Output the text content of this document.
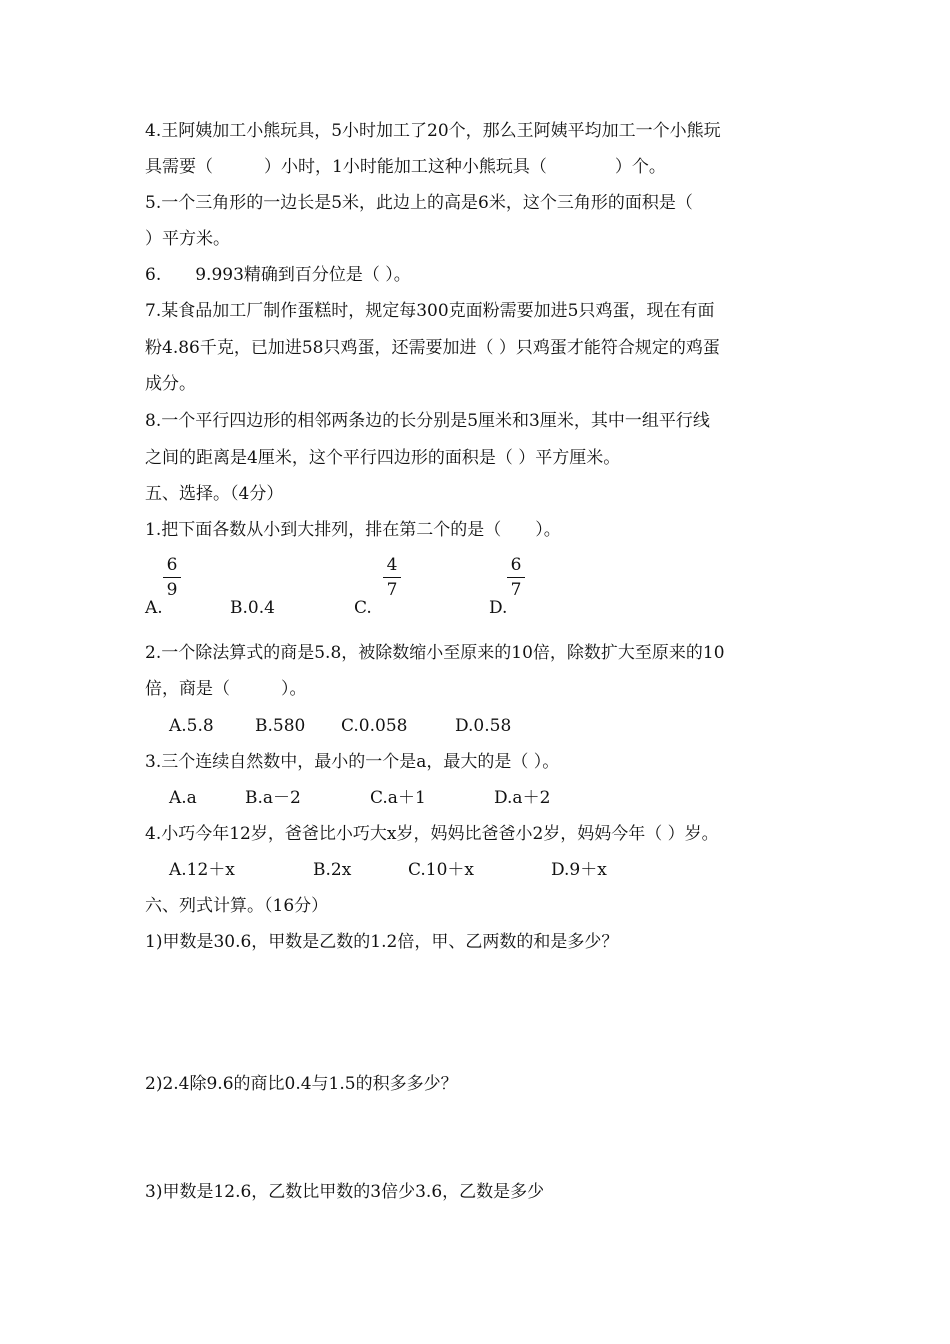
4.王阿姨加工小熊玩具，5小时加工了20个，那么王阿姨平均加工一个小熊玩
具需要（　　　）小时，1小时能加工这种小熊玩具（　　　　）个。
5.一个三角形的一边长是5米，此边上的高是6米，这个三角形的面积是（
）平方米。
6.　　9.993精确到百分位是（ ）。
7.某食品加工厂制作蛋糕时，规定每300克面粉需要加进5只鸡蛋，现在有面
粉4.86千克，已加进58只鸡蛋，还需要加进（ ）只鸡蛋才能符合规定的鸡蛋
成分。
8.一个平行四边形的相邻两条边的长分别是5厘米和3厘米，其中一组平行线
之间的距离是4厘米，这个平行四边形的面积是（ ）平方厘米。
五、选择。（4分）
1.把下面各数从小到大排列，排在第二个的是（　　）。
6
9
4
7
6
7
A.	B.0.4	C.	D.
2.一个除法算式的商是5.8，被除数缩小至原来的10倍，除数扩大至原来的10
倍，商是（　　　）。
A.5.8 B.580 C.0.058	D.0.58
3.三个连续自然数中，最小的一个是a，最大的是（ ）。
A.a	B.a－2	C.a＋1	D.a＋2
4.小巧今年12岁，爸爸比小巧大x岁，妈妈比爸爸小2岁，妈妈今年（ ）岁。
A.12＋x	B.2x	C.10＋x	D.9＋x
六、列式计算。（16分）
1)甲数是30.6，甲数是乙数的1.2倍，甲、乙两数的和是多少？
2)2.4除9.6的商比0.4与1.5的积多多少？
3)甲数是12.6，乙数比甲数的3倍少3.6，乙数是多少
